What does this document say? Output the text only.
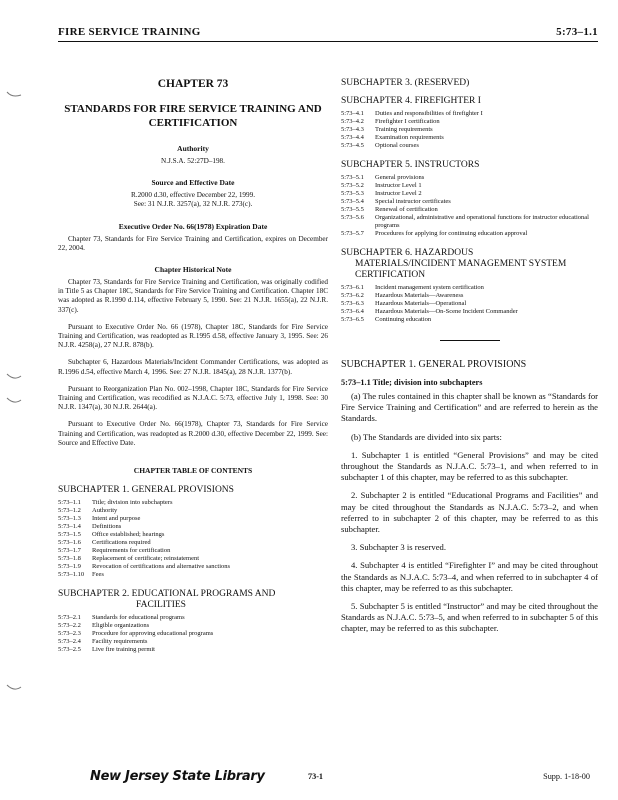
FIRE SERVICE TRAINING	5:73–1.1
CHAPTER 73
STANDARDS FOR FIRE SERVICE TRAINING AND CERTIFICATION
Authority
N.J.S.A. 52:27D–198.
Source and Effective Date
R.2000 d.30, effective December 22, 1999.
See: 31 N.J.R. 3257(a), 32 N.J.R. 273(c).
Executive Order No. 66(1978) Expiration Date
Chapter 73, Standards for Fire Service Training and Certification, expires on December 22, 2004.
Chapter Historical Note
Chapter 73, Standards for Fire Service Training and Certification, was originally codified in Title 5 as Chapter 18C, Standards for Fire Service Training and Certification. Chapter 18C was adopted as R.1990 d.114, effective February 5, 1990. See: 21 N.J.R. 1655(a), 22 N.J.R. 337(c).
Pursuant to Executive Order No. 66 (1978), Chapter 18C, Standards for Fire Service Training and Certification, was readopted as R.1995 d.58, effective January 3, 1995. See: 26 N.J.R. 4258(a), 27 N.J.R. 878(b).
Subchapter 6, Hazardous Materials/Incident Commander Certifications, was adopted as R.1996 d.54, effective March 4, 1996. See: 27 N.J.R. 1845(a), 28 N.J.R. 1377(b).
Pursuant to Reorganization Plan No. 002–1998, Chapter 18C, Standards for Fire Service Training and Certification, was recodified as N.J.A.C. 5:73, effective July 1, 1998. See: 30 N.J.R. 1347(a), 30 N.J.R. 2644(a).
Pursuant to Executive Order No. 66(1978), Chapter 73, Standards for Fire Service Training and Certification, was readopted as R.2000 d.30, effective December 22, 1999. See: Source and Effective Date.
CHAPTER TABLE OF CONTENTS
SUBCHAPTER 1. GENERAL PROVISIONS
5:73–1.1	Title; division into subchapters
5:73–1.2	Authority
5:73–1.3	Intent and purpose
5:73–1.4	Definitions
5:73–1.5	Office established; hearings
5:73–1.6	Certifications required
5:73–1.7	Requirements for certification
5:73–1.8	Replacement of certificate; reinstatement
5:73–1.9	Revocation of certifications and alternative sanctions
5:73–1.10	Fees
SUBCHAPTER 2. EDUCATIONAL PROGRAMS AND
FACILITIES
5:73–2.1	Standards for educational programs
5:73–2.2	Eligible organizations
5:73–2.3	Procedure for approving educational programs
5:73–2.4	Facility requirements
5:73–2.5	Live fire training permit
SUBCHAPTER 3. (RESERVED)
SUBCHAPTER 4. FIREFIGHTER I
5:73–4.1	Duties and responsibilities of firefighter I
5:73–4.2	Firefighter I certification
5:73–4.3	Training requirements
5:73–4.4	Examination requirements
5:73–4.5	Optional courses
SUBCHAPTER 5. INSTRUCTORS
5:73–5.1	General provisions
5:73–5.2	Instructor Level 1
5:73–5.3	Instructor Level 2
5:73–5.4	Special instructor certificates
5:73–5.5	Renewal of certification
5:73–5.6	Organizational, administrative and operational functions for instructor educational programs
5:73–5.7	Procedures for applying for continuing education approval
SUBCHAPTER 6. HAZARDOUS
MATERIALS/INCIDENT MANAGEMENT SYSTEM
CERTIFICATION
5:73–6.1	Incident management system certification
5:73–6.2	Hazardous Materials—Awareness
5:73–6.3	Hazardous Materials—Operational
5:73–6.4	Hazardous Materials—On-Scene Incident Commander
5:73–6.5	Continuing education
SUBCHAPTER 1. GENERAL PROVISIONS
5:73–1.1 Title; division into subchapters
(a) The rules contained in this chapter shall be known as “Standards for Fire Service Training and Certification” and are referred to herein as the Standards.
(b) The Standards are divided into six parts:
1. Subchapter 1 is entitled “General Provisions” and may be cited throughout the Standards as N.J.A.C. 5:73–1, and when referred to in subchapter 1 of this chapter, may be referred to as this subchapter.
2. Subchapter 2 is entitled “Educational Programs and Facilities” and may be cited throughout the Standards as N.J.A.C. 5:73–2, and when referred to in subchapter 2 of this chapter, may be referred to as this subchapter.
3. Subchapter 3 is reserved.
4. Subchapter 4 is entitled “Firefighter I” and may be cited throughout the Standards as N.J.A.C. 5:73–4, and when referred to in subchapter 4 of this chapter, may be referred to as this subchapter.
5. Subchapter 5 is entitled “Instructor” and may be cited throughout the Standards as N.J.A.C. 5:73–5, and when referred to in subchapter 5 of this chapter, may be referred to as this subchapter.
New Jersey State Library	73-1	Supp. 1-18-00
